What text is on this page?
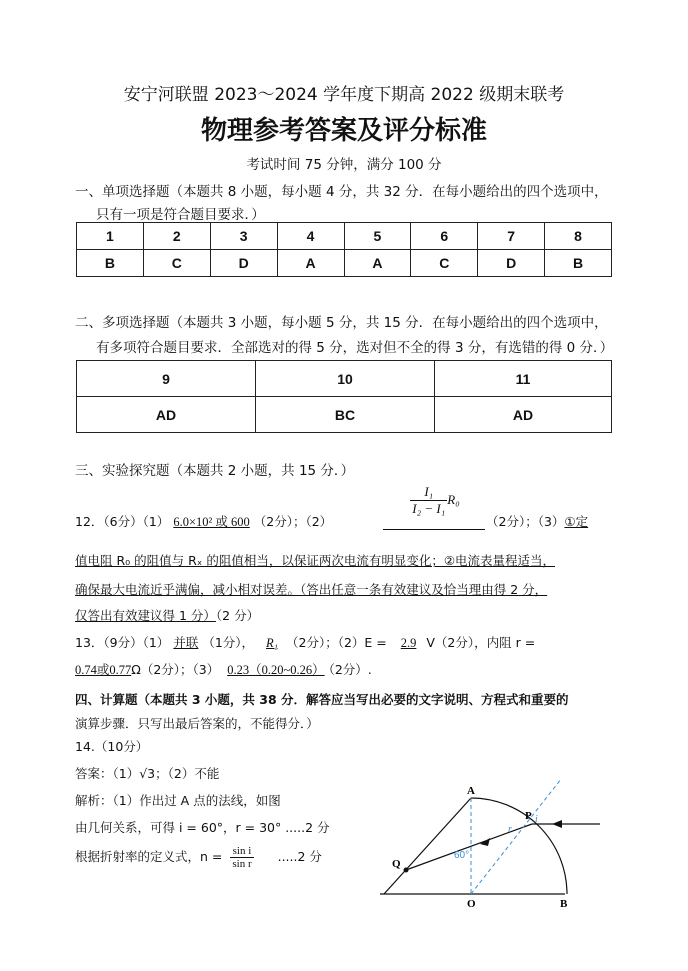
安宁河联盟 2023～2024 学年度下期高 2022 级期末联考
物理参考答案及评分标准
考试时间 75 分钟，满分 100 分
一、单项选择题（本题共 8 小题，每小题 4 分，共 32 分．在每小题给出的四个选项中，
只有一项是符合题目要求．）
1	2	3	4	5	6	7	8
B	C	D	A	A	C	D	B
二、多项选择题（本题共 3 小题，每小题 5 分，共 15 分．在每小题给出的四个选项中，
有多项符合题目要求．全部选对的得 5 分，选对但不全的得 3 分，有选错的得 0 分．）
9	10	11
AD	BC	AD
三、实验探究题（本题共 2 小题，共 15 分．）
12．（6分）（1） 6.0×10² 或 600 （2分）；（2）
$\frac{\text{I₁}}{\text{I₂ − I₁}} R_0$
（2分）；（3）①定
值电阻 R₀ 的阻值与 Rₓ 的阻值相当，以保证两次电流有明显变化；②电流表量程适当，
确保最大电流近乎满偏，减小相对误差。（答出任意一条有效建议及恰当理由得 2 分，
仅答出有效建议得 1 分）（2 分）
13．（9分）（1） 并联 （1分）， R₁ （2分）；（2）E = 2.9 V（2分），内阻 r =
0.74或0.77Ω（2分）；（3） 0.23（0.20~0.26） （2分）.
四、计算题（本题共 3 小题，共 38 分．解答应当写出必要的文字说明、方程式和重要的
演算步骤．只写出最后答案的，不能得分．）
14.（10分）
答案：（1）√3；（2）不能
解析：（1）作出过 A 点的法线，如图
由几何关系，可得 i = 60°，r = 30° .....2 分
根据折射率的定义式，$n = \frac{\text{sin i}}{\text{sin r}} .....2$ 分
A
P i
r
Q
O	B
60°
